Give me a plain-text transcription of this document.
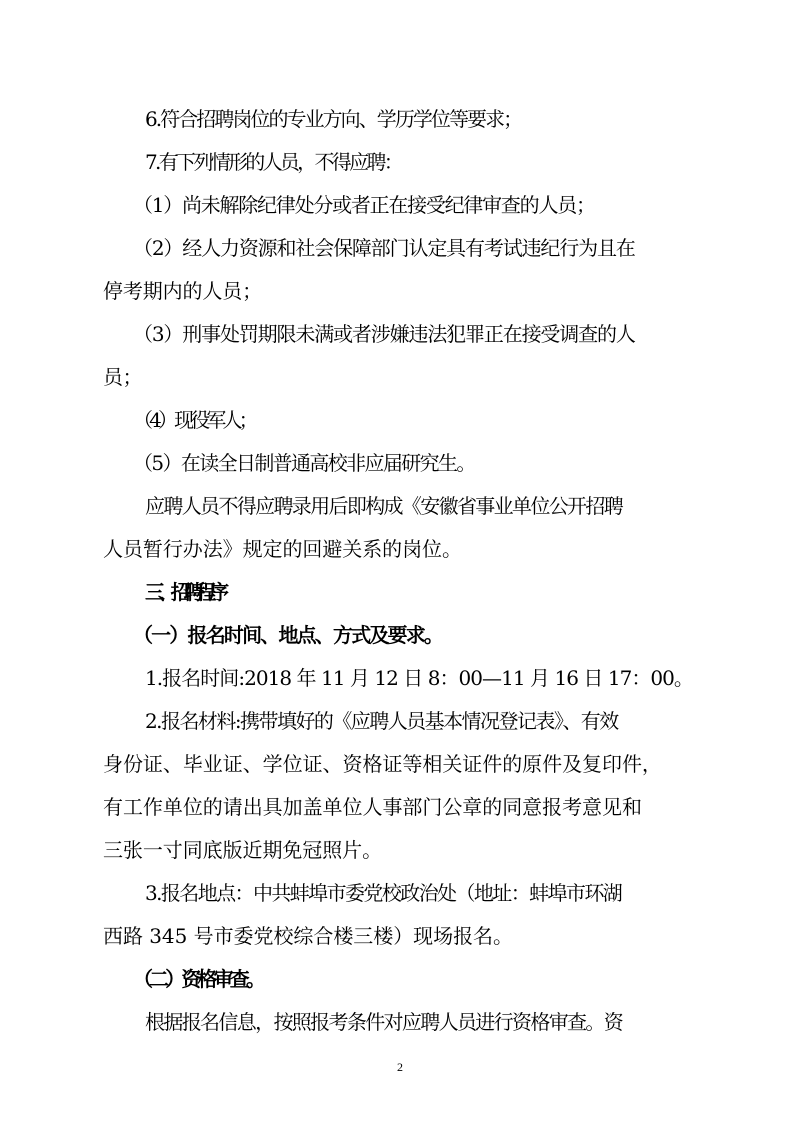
6.符合招聘岗位的专业方向、学历学位等要求；
7.有下列情形的人员，不得应聘：
（1）尚未解除纪律处分或者正在接受纪律审查的人员；
（2）经人力资源和社会保障部门认定具有考试违纪行为且在
停考期内的人员；
（3）刑事处罚期限未满或者涉嫌违法犯罪正在接受调查的人
员；
（4）现役军人；
（5）在读全日制普通高校非应届研究生。
应聘人员不得应聘录用后即构成《安徽省事业单位公开招聘
人员暂行办法》规定的回避关系的岗位。
三、招聘程序
（一）报名时间、地点、方式及要求。
1.报名时间:2018 年 11 月 12 日 8：00—11 月 16 日 17：00。
2.报名材料:携带填好的《应聘人员基本情况登记表》、有效
身份证、毕业证、学位证、资格证等相关证件的原件及复印件，
有工作单位的请出具加盖单位人事部门公章的同意报考意见和
三张一寸同底版近期免冠照片。
3.报名地点：中共蚌埠市委党校政治处（地址：蚌埠市环湖
西路 345 号市委党校综合楼三楼）现场报名。
（二）资格审查。
根据报名信息，按照报考条件对应聘人员进行资格审查。资
2
